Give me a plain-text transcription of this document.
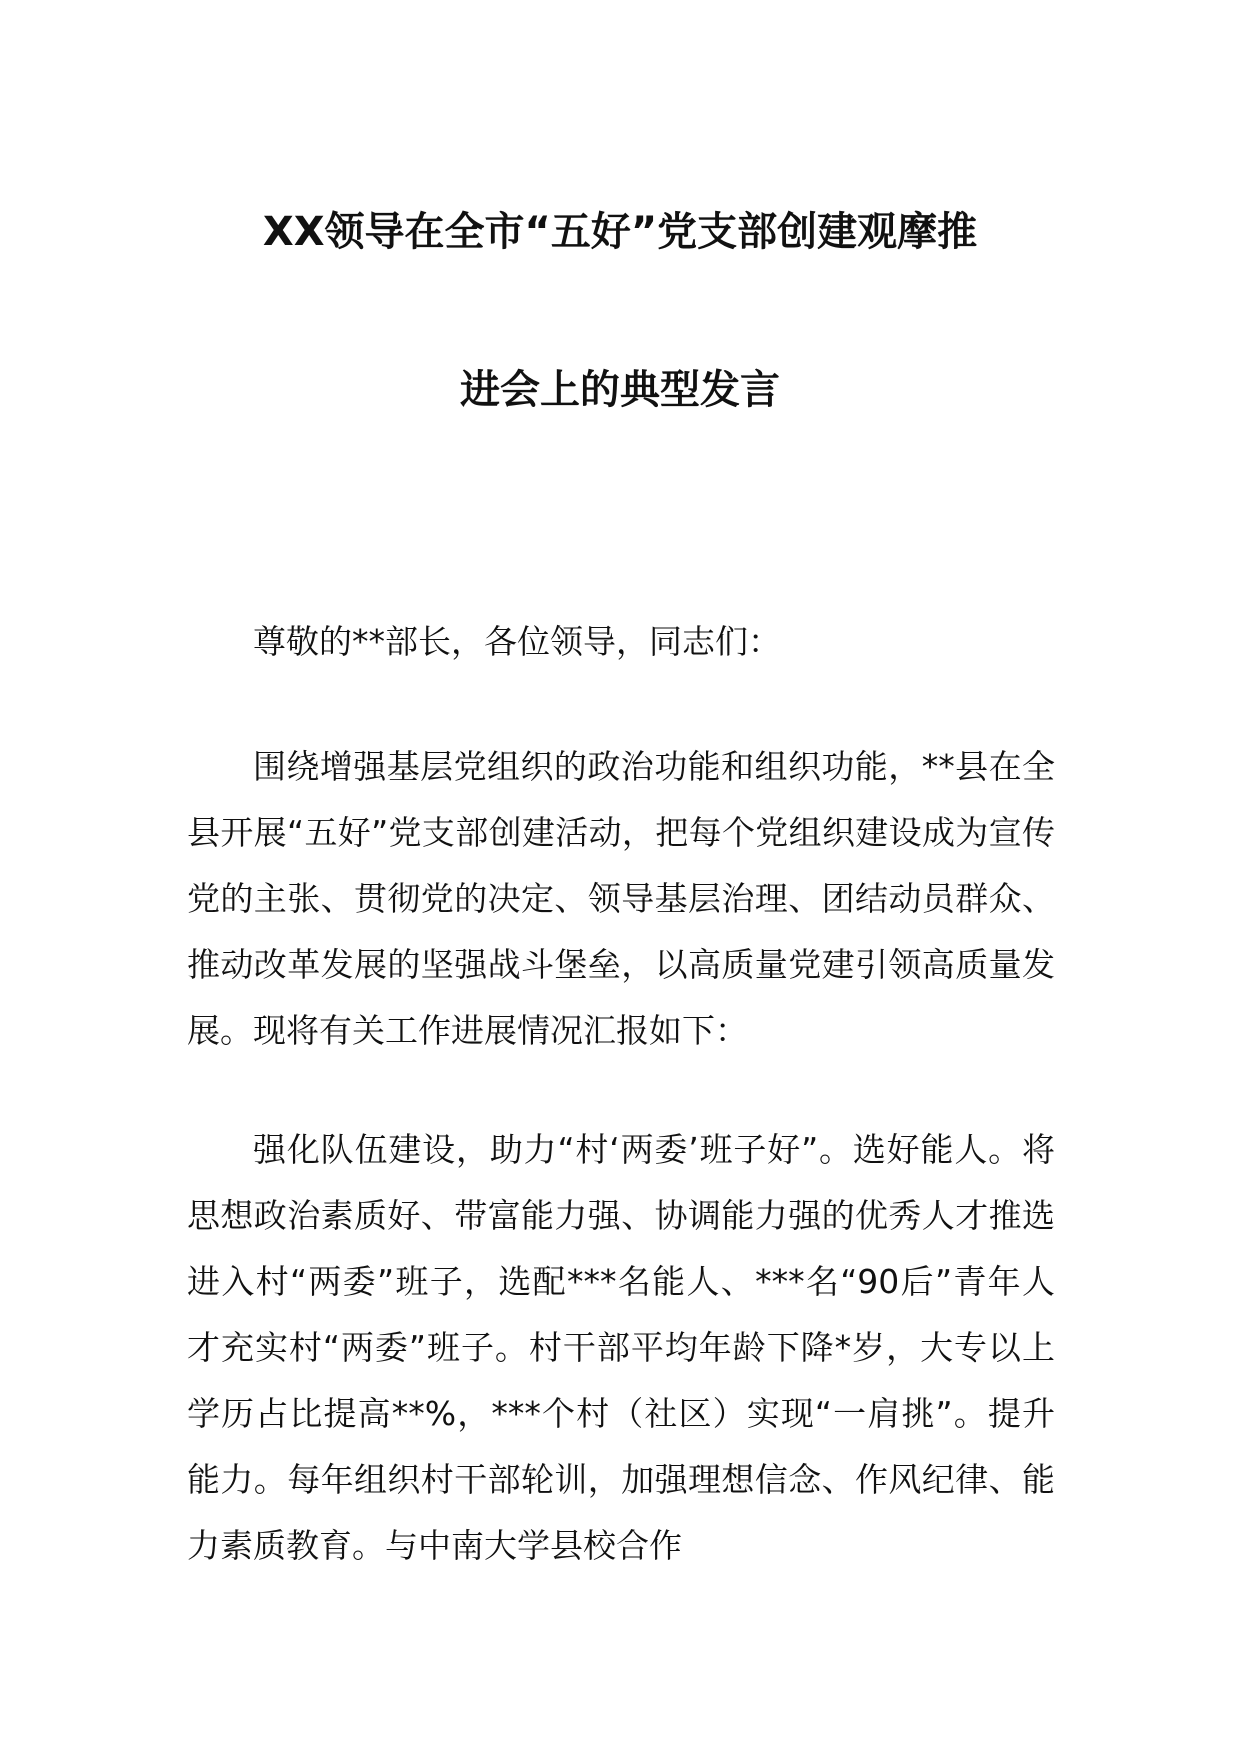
XX领导在全市“五好”党支部创建观摩推
进会上的典型发言

尊敬的**部长，各位领导，同志们：

围绕增强基层党组织的政治功能和组织功能，**县在全县开展“五好”党支部创建活动，把每个党组织建设成为宣传党的主张、贯彻党的决定、领导基层治理、团结动员群众、推动改革发展的坚强战斗堡垒，以高质量党建引领高质量发展。现将有关工作进展情况汇报如下：

强化队伍建设，助力“村‘两委’班子好”。选好能人。将思想政治素质好、带富能力强、协调能力强的优秀人才推选进入村“两委”班子，选配***名能人、***名“90后”青年人才充实村“两委”班子。村干部平均年龄下降*岁，大专以上学历占比提高**%，***个村（社区）实现“一肩挑”。提升能力。每年组织村干部轮训，加强理想信念、作风纪律、能力素质教育。与中南大学县校合作
